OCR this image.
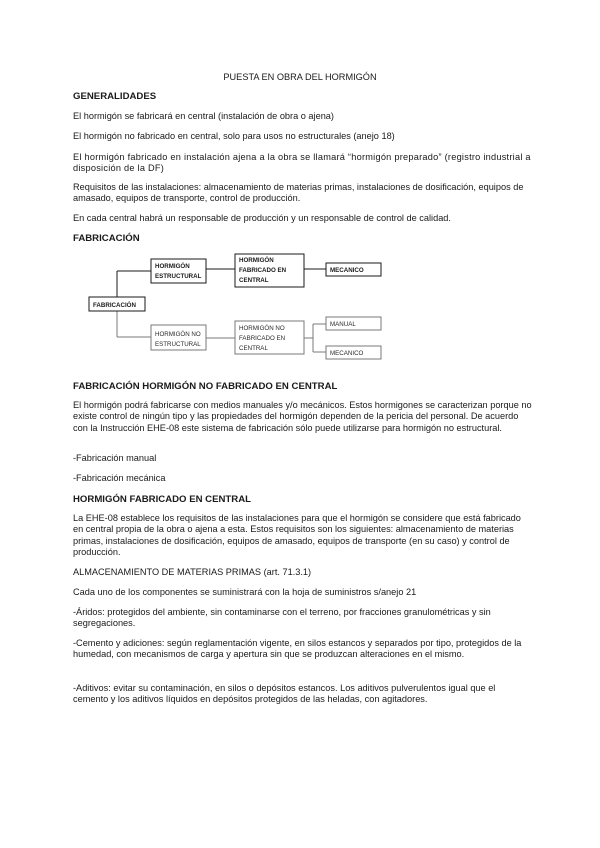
PUESTA EN OBRA DEL HORMIGÓN

GENERALIDADES

El hormigón se fabricará en central (instalación de obra o ajena)

El hormigón no fabricado en central, solo para usos no estructurales (anejo 18)

El hormigón fabricado en instalación ajena a la obra se llamará “hormigón preparado” (registro industrial a disposición de la DF)

Requisitos de las instalaciones: almacenamiento de materias primas, instalaciones de dosificación, equipos de amasado, equipos de transporte, control de producción.

En cada central habrá un responsable de producción y un responsable de control de calidad.

FABRICACIÓN

FABRICACIÓN
HORMIGÓN
ESTRUCTURAL
HORMIGÓN
FABRICADO EN
CENTRAL
MECANICO
HORMIGÓN NO
ESTRUCTURAL
HORMIGÓN NO
FABRICADO EN
CENTRAL
MANUAL
MECANICO

FABRICACIÓN HORMIGÓN NO FABRICADO EN CENTRAL

El hormigón podrá fabricarse con medios manuales y/o mecánicos. Estos hormigones se caracterizan porque no existe control de ningún tipo y las propiedades del hormigón dependen de la pericia del personal. De acuerdo con la Instrucción EHE-08 este sistema de fabricación sólo puede utilizarse para hormigón no estructural.

-Fabricación manual

-Fabricación mecánica

HORMIGÓN FABRICADO EN CENTRAL

La EHE-08 establece los requisitos de las instalaciones para que el hormigón se considere que está fabricado en central propia de la obra o ajena a esta. Estos requisitos son los siguientes: almacenamiento de materias primas, instalaciones de dosificación, equipos de amasado, equipos de transporte (en su caso) y control de producción.

ALMACENAMIENTO DE MATERIAS PRIMAS (art. 71.3.1)

Cada uno de los componentes se suministrará con la hoja de suministros s/anejo 21

-Áridos: protegidos del ambiente, sin contaminarse con el terreno, por fracciones granulométricas y sin segregaciones.

-Cemento y adiciones: según reglamentación vigente, en silos estancos y separados por tipo, protegidos de la humedad, con mecanismos de carga y apertura sin que se produzcan alteraciones en el mismo.

-Aditivos: evitar su contaminación, en silos o depósitos estancos. Los aditivos pulverulentos igual que el cemento y los aditivos líquidos en depósitos protegidos de las heladas, con agitadores.
